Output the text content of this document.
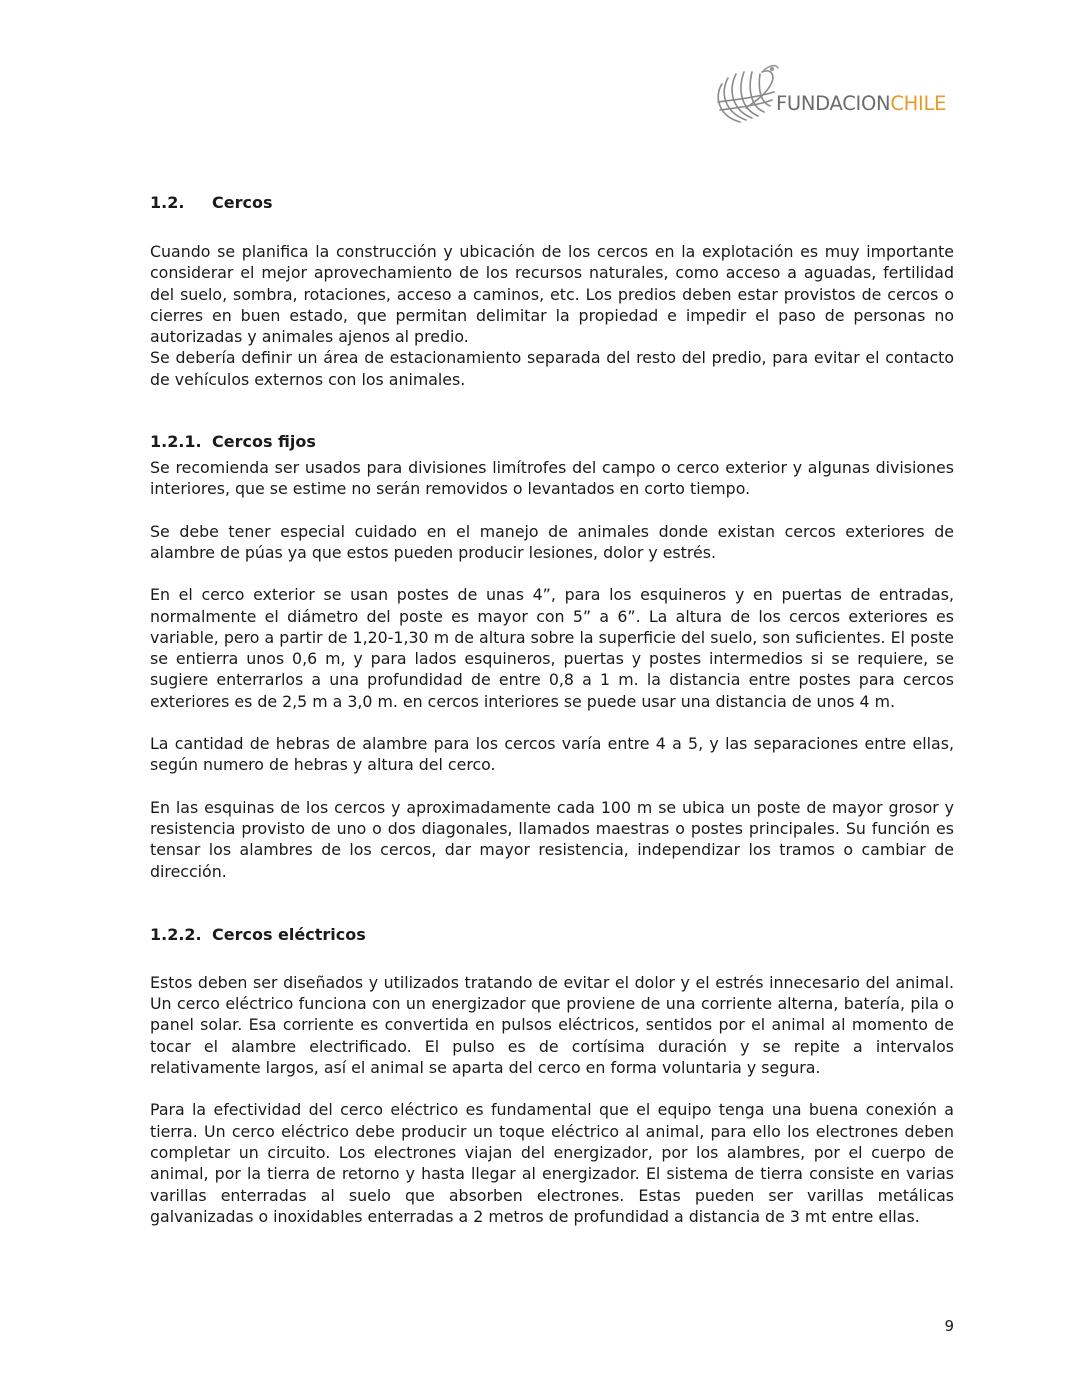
FUNDACIONCHILE
1.2. Cercos

Cuando se planifica la construcción y ubicación de los cercos en la explotación es muy importante considerar el mejor aprovechamiento de los recursos naturales, como acceso a aguadas, fertilidad del suelo, sombra, rotaciones, acceso a caminos, etc. Los predios deben estar provistos de cercos o cierres en buen estado, que permitan delimitar la propiedad e impedir el paso de personas no autorizadas y animales ajenos al predio.

Se debería definir un área de estacionamiento separada del resto del predio, para evitar el contacto de vehículos externos con los animales.

1.2.1. Cercos fijos

Se recomienda ser usados para divisiones limítrofes del campo o cerco exterior y algunas divisiones interiores, que se estime no serán removidos o levantados en corto tiempo.

Se debe tener especial cuidado en el manejo de animales donde existan cercos exteriores de alambre de púas ya que estos pueden producir lesiones, dolor y estrés.

En el cerco exterior se usan postes de unas 4”, para los esquineros y en puertas de entradas, normalmente el diámetro del poste es mayor con 5” a 6”. La altura de los cercos exteriores es variable, pero a partir de 1,20-1,30 m de altura sobre la superficie del suelo, son suficientes. El poste se entierra unos 0,6 m, y para lados esquineros, puertas y postes intermedios si se requiere, se sugiere enterrarlos a una profundidad de entre 0,8 a 1 m. la distancia entre postes para cercos exteriores es de 2,5 m a 3,0 m. en cercos interiores se puede usar una distancia de unos 4 m.

La cantidad de hebras de alambre para los cercos varía entre 4 a 5, y las separaciones entre ellas, según numero de hebras y altura del cerco.

En las esquinas de los cercos y aproximadamente cada 100 m se ubica un poste de mayor grosor y resistencia provisto de uno o dos diagonales, llamados maestras o postes principales. Su función es tensar los alambres de los cercos, dar mayor resistencia, independizar los tramos o cambiar de dirección.

1.2.2. Cercos eléctricos

Estos deben ser diseñados y utilizados tratando de evitar el dolor y el estrés innecesario del animal. Un cerco eléctrico funciona con un energizador que proviene de una corriente alterna, batería, pila o panel solar. Esa corriente es convertida en pulsos eléctricos, sentidos por el animal al momento de tocar el alambre electrificado. El pulso es de cortísima duración y se repite a intervalos relativamente largos, así el animal se aparta del cerco en forma voluntaria y segura.

Para la efectividad del cerco eléctrico es fundamental que el equipo tenga una buena conexión a tierra. Un cerco eléctrico debe producir un toque eléctrico al animal, para ello los electrones deben completar un circuito. Los electrones viajan del energizador, por los alambres, por el cuerpo de animal, por la tierra de retorno y hasta llegar al energizador. El sistema de tierra consiste en varias varillas enterradas al suelo que absorben electrones. Estas pueden ser varillas metálicas galvanizadas o inoxidables enterradas a 2 metros de profundidad a distancia de 3 mt entre ellas.

9
